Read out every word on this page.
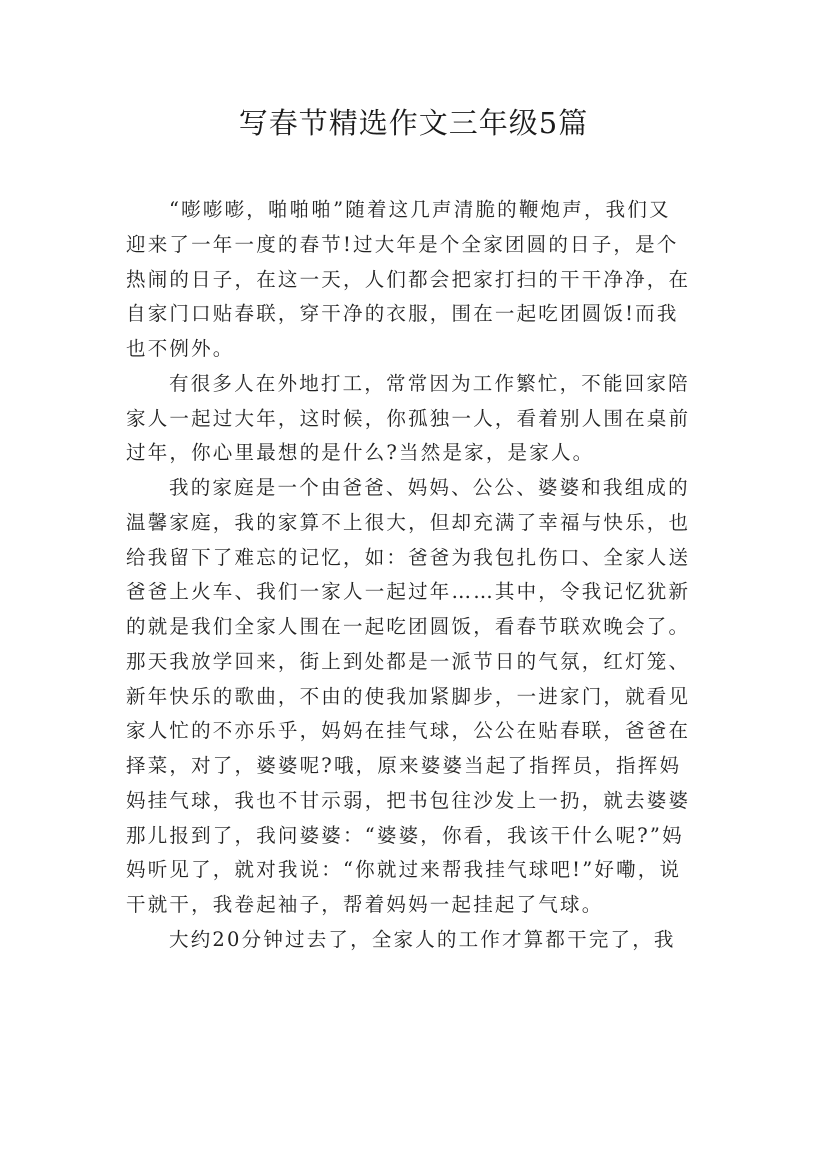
写春节精选作文三年级5篇
“嘭嘭嘭，啪啪啪”随着这几声清脆的鞭炮声，我们又
迎来了一年一度的春节!过大年是个全家团圆的日子，是个
热闹的日子，在这一天，人们都会把家打扫的干干净净，在
自家门口贴春联，穿干净的衣服，围在一起吃团圆饭!而我
也不例外。
有很多人在外地打工，常常因为工作繁忙，不能回家陪
家人一起过大年，这时候，你孤独一人，看着别人围在桌前
过年，你心里最想的是什么?当然是家，是家人。
我的家庭是一个由爸爸、妈妈、公公、婆婆和我组成的
温馨家庭，我的家算不上很大，但却充满了幸福与快乐，也
给我留下了难忘的记忆，如：爸爸为我包扎伤口、全家人送
爸爸上火车、我们一家人一起过年……其中，令我记忆犹新
的就是我们全家人围在一起吃团圆饭，看春节联欢晚会了。
那天我放学回来，街上到处都是一派节日的气氛，红灯笼、
新年快乐的歌曲，不由的使我加紧脚步，一进家门，就看见
家人忙的不亦乐乎，妈妈在挂气球，公公在贴春联，爸爸在
择菜，对了，婆婆呢?哦，原来婆婆当起了指挥员，指挥妈
妈挂气球，我也不甘示弱，把书包往沙发上一扔，就去婆婆
那儿报到了，我问婆婆：“婆婆，你看，我该干什么呢?”妈
妈听见了，就对我说：“你就过来帮我挂气球吧!”好嘞，说
干就干，我卷起袖子，帮着妈妈一起挂起了气球。
大约20分钟过去了，全家人的工作才算都干完了，我
